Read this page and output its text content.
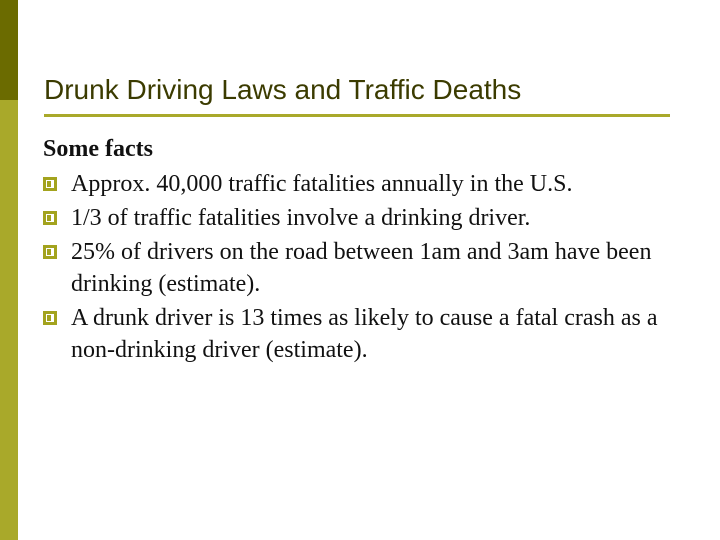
Drunk Driving Laws and Traffic Deaths

Some facts

Approx. 40,000 traffic fatalities annually in the U.S.
1/3 of traffic fatalities involve a drinking driver.
25% of drivers on the road between 1am and 3am have been drinking (estimate).
A drunk driver is 13 times as likely to cause a fatal crash as a non-drinking driver (estimate).
